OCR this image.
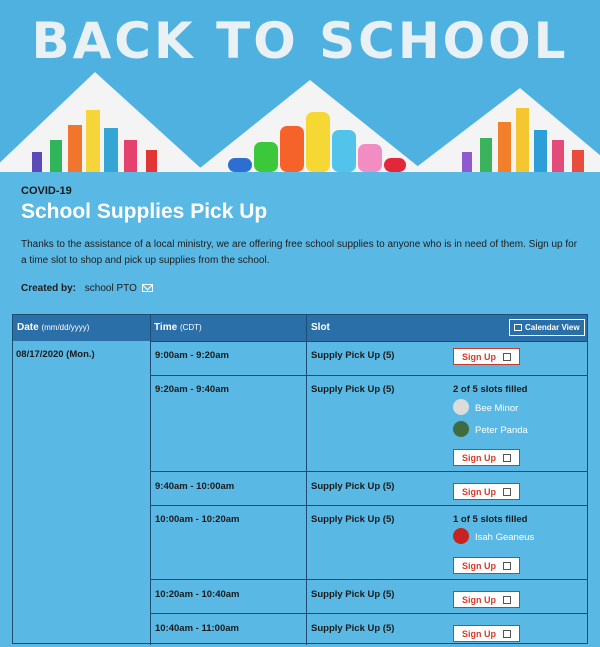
BACK TO SCHOOL
COVID-19
School Supplies Pick Up
Thanks to the assistance of a local ministry, we are offering free school supplies to anyone who is in need of them. Sign up for a time slot to shop and pick up supplies from the school.
Created by: school PTO
Date (mm/dd/yyyy)	Time (CDT)	Slot	Calendar View
08/17/2020 (Mon.)	9:00am - 9:20am	Supply Pick Up (5)	Sign Up
9:20am - 9:40am	Supply Pick Up (5)	2 of 5 slots filled
Bee Minor
Peter Panda
Sign Up
9:40am - 10:00am	Supply Pick Up (5)	Sign Up
10:00am - 10:20am	Supply Pick Up (5)	1 of 5 slots filled
Isah Geaneus
Sign Up
10:20am - 10:40am	Supply Pick Up (5)	Sign Up
10:40am - 11:00am	Supply Pick Up (5)	Sign Up
